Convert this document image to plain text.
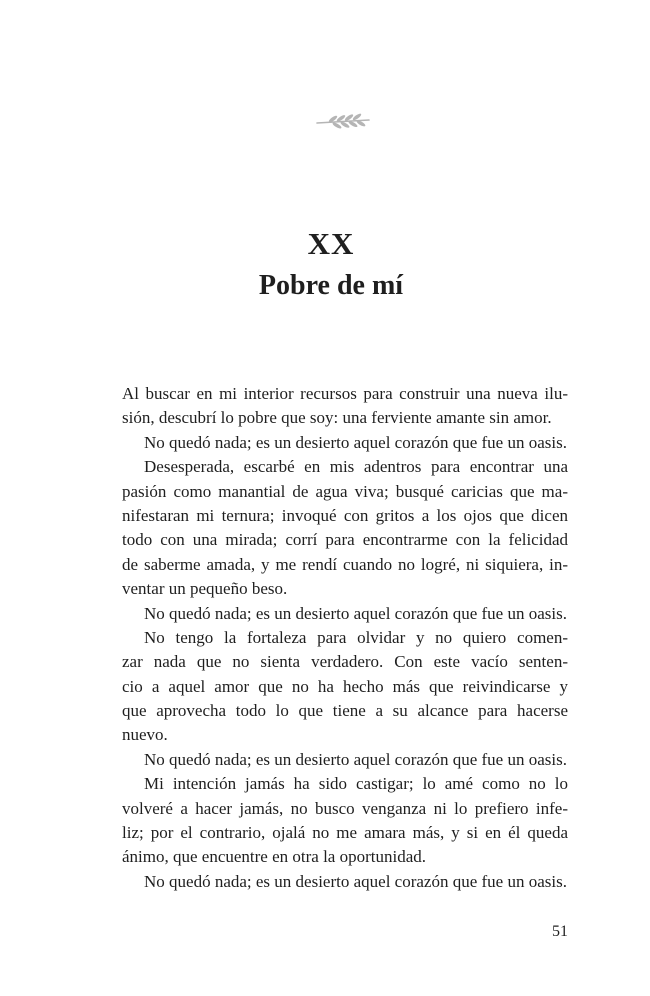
XX
Pobre de mí
Al buscar en mi interior recursos para construir una nueva ilu-
sión, descubrí lo pobre que soy: una ferviente amante sin amor.
No quedó nada; es un desierto aquel corazón que fue un oasis.
Desesperada, escarbé en mis adentros para encontrar una
pasión como manantial de agua viva; busqué caricias que ma-
nifestaran mi ternura; invoqué con gritos a los ojos que dicen
todo con una mirada; corrí para encontrarme con la felicidad
de saberme amada, y me rendí cuando no logré, ni siquiera, in-
ventar un pequeño beso.
No quedó nada; es un desierto aquel corazón que fue un oasis.
No tengo la fortaleza para olvidar y no quiero comen-
zar nada que no sienta verdadero. Con este vacío senten-
cio a aquel amor que no ha hecho más que reivindicarse y
que aprovecha todo lo que tiene a su alcance para hacerse
nuevo.
No quedó nada; es un desierto aquel corazón que fue un oasis.
Mi intención jamás ha sido castigar; lo amé como no lo
volveré a hacer jamás, no busco venganza ni lo prefiero infe-
liz; por el contrario, ojalá no me amara más, y si en él queda
ánimo, que encuentre en otra la oportunidad.
No quedó nada; es un desierto aquel corazón que fue un oasis.
51
